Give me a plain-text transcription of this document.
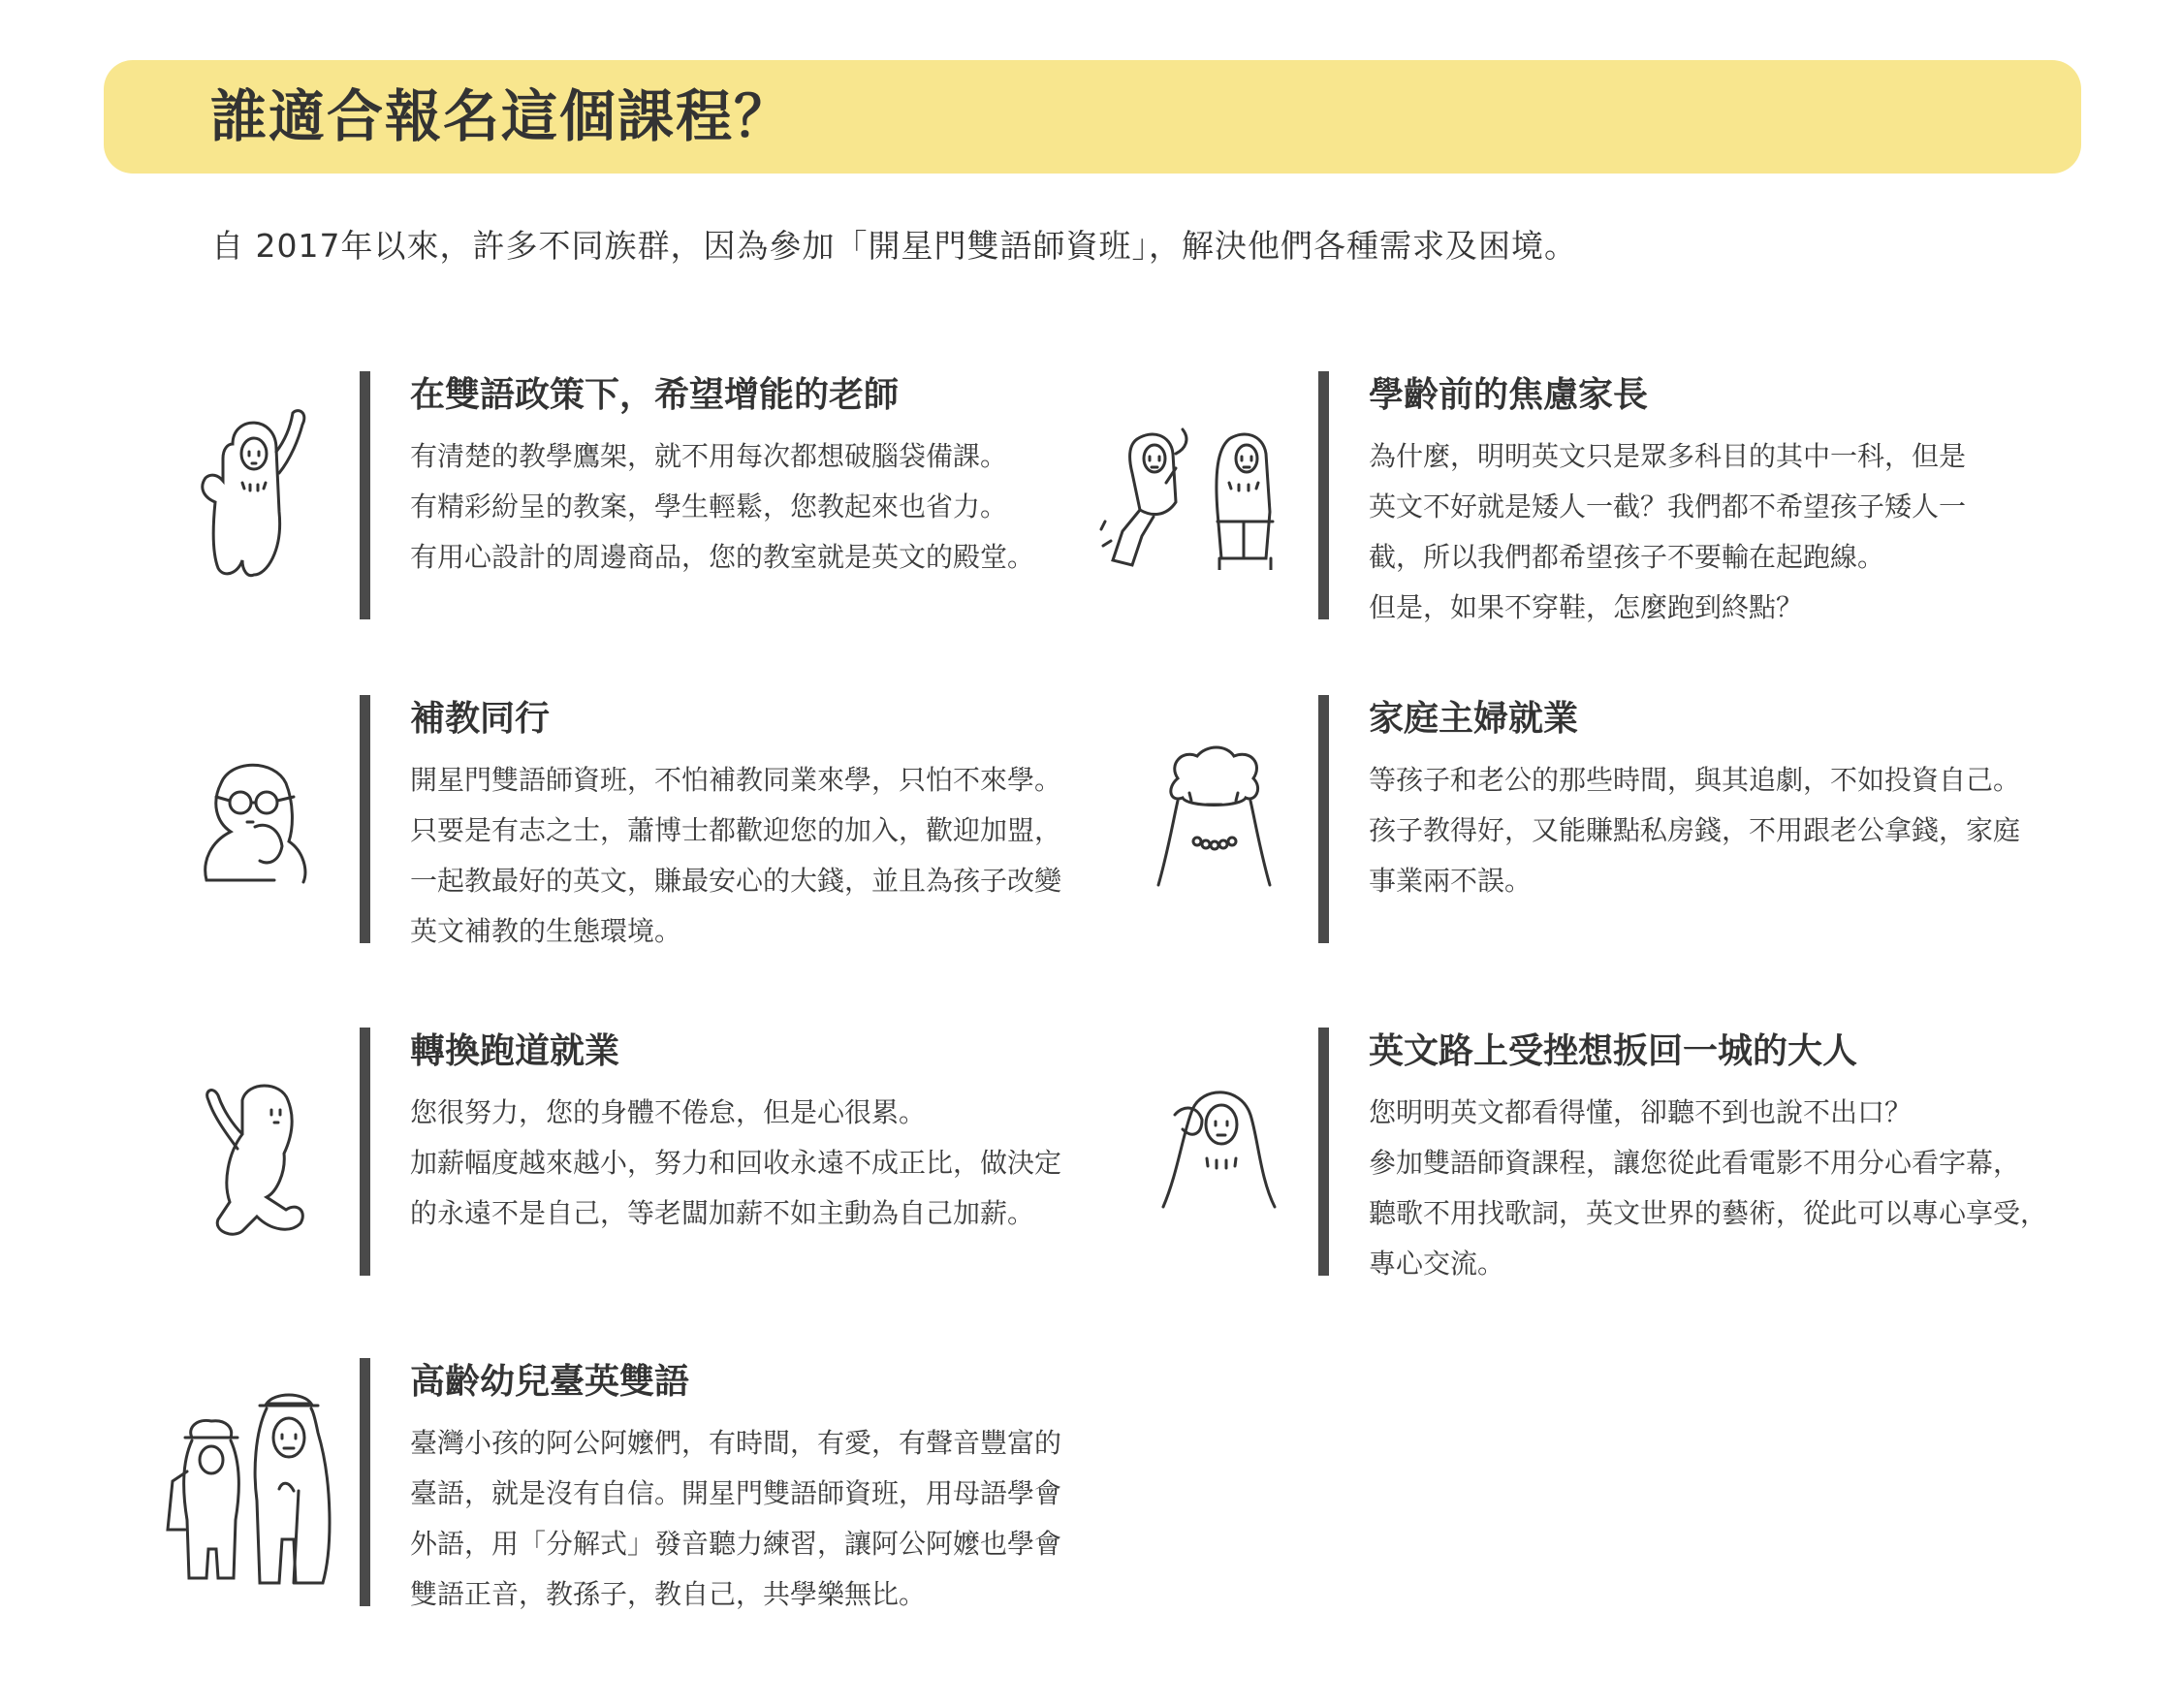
誰適合報名這個課程？

自 2017年以來，許多不同族群，因為參加「開星門雙語師資班」，解決他們各種需求及困境。

在雙語政策下，希望增能的老師
有清楚的教學鷹架，就不用每次都想破腦袋備課。
有精彩紛呈的教案，學生輕鬆，您教起來也省力。
有用心設計的周邊商品，您的教室就是英文的殿堂。
學齡前的焦慮家長
為什麼，明明英文只是眾多科目的其中一科，但是
英文不好就是矮人一截？我們都不希望孩子矮人一
截，所以我們都希望孩子不要輸在起跑線。
但是，如果不穿鞋，怎麼跑到終點？
補教同行
開星門雙語師資班，不怕補教同業來學，只怕不來學。
只要是有志之士，蕭博士都歡迎您的加入，歡迎加盟，
一起教最好的英文，賺最安心的大錢，並且為孩子改變
英文補教的生態環境。
家庭主婦就業
等孩子和老公的那些時間，與其追劇，不如投資自己。
孩子教得好，又能賺點私房錢，不用跟老公拿錢，家庭
事業兩不誤。
轉換跑道就業
您很努力，您的身體不倦怠，但是心很累。
加薪幅度越來越小，努力和回收永遠不成正比，做決定
的永遠不是自己，等老闆加薪不如主動為自己加薪。
英文路上受挫想扳回一城的大人
您明明英文都看得懂，卻聽不到也說不出口？
參加雙語師資課程，讓您從此看電影不用分心看字幕，
聽歌不用找歌詞，英文世界的藝術，從此可以專心享受，
專心交流。
高齡幼兒臺英雙語
臺灣小孩的阿公阿嬤們，有時間，有愛，有聲音豐富的
臺語，就是沒有自信。開星門雙語師資班，用母語學會
外語，用「分解式」發音聽力練習，讓阿公阿嬤也學會
雙語正音，教孫子，教自己，共學樂無比。
